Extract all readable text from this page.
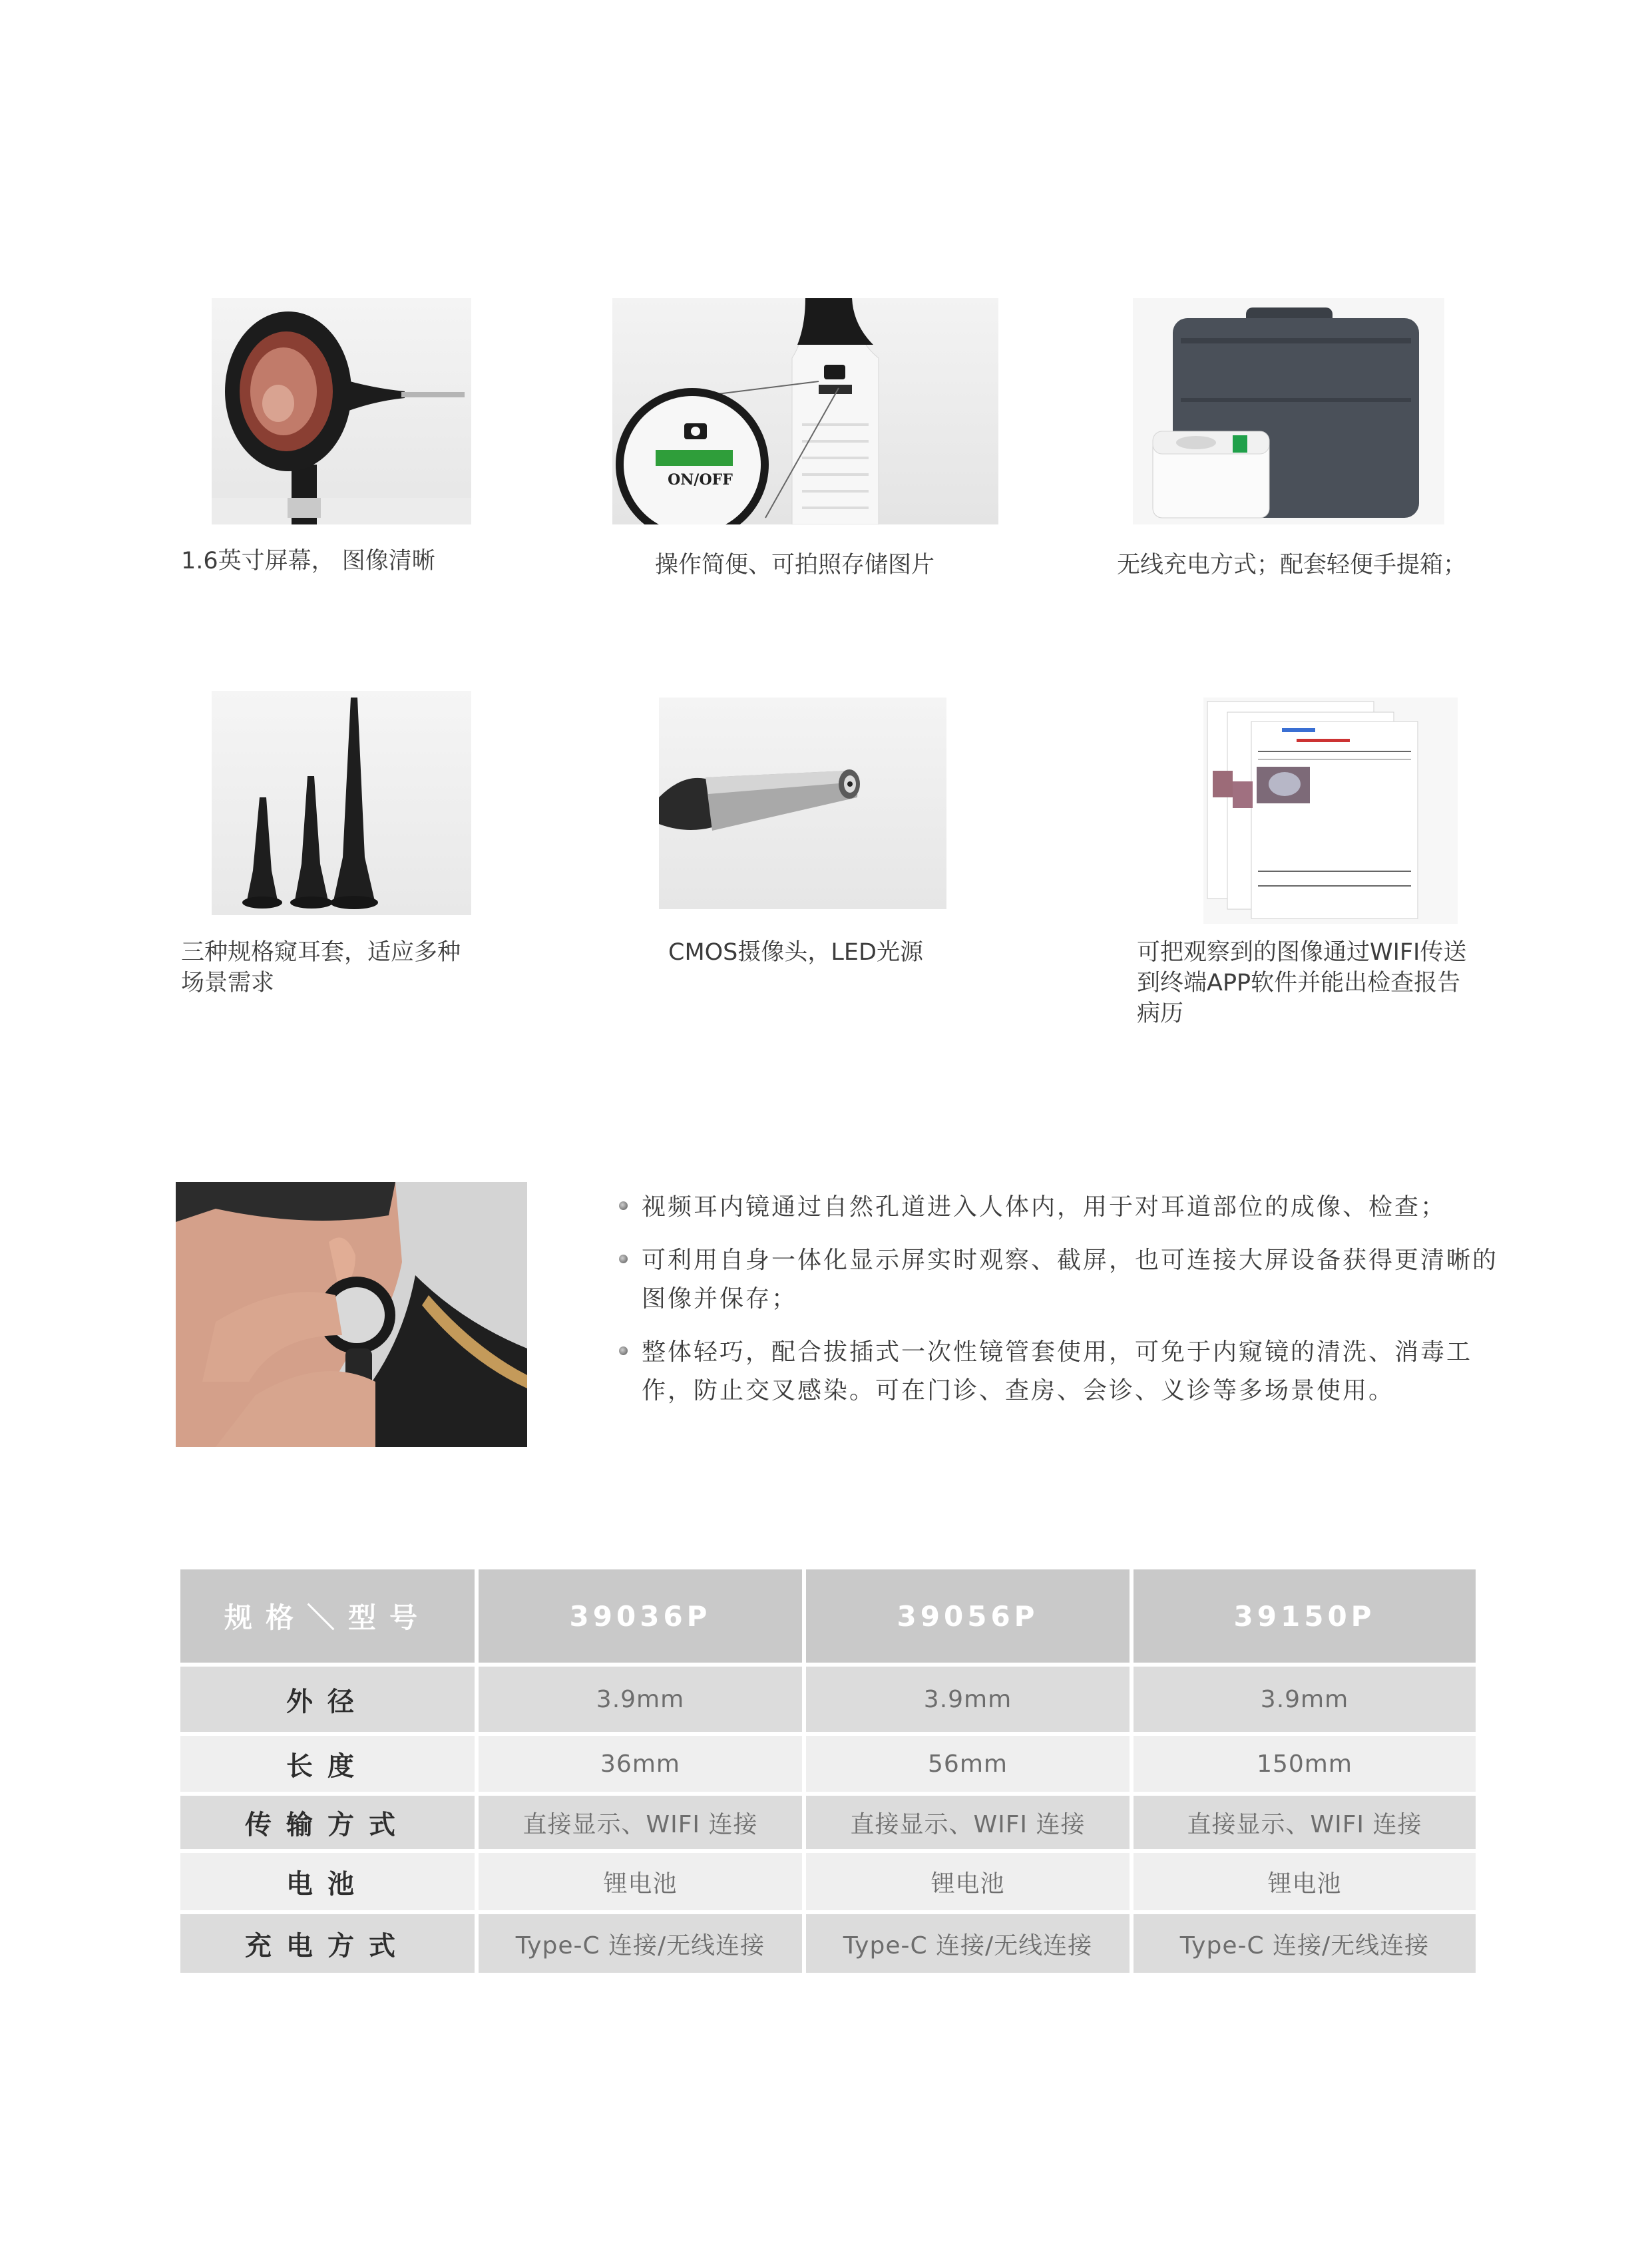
1.6英寸屏幕， 图像清晰
ON/OFF
操作简便、可拍照存储图片	无线充电方式；配套轻便手提箱；
三种规格窥耳套，适应多种
场景需求
CMOS摄像头，LED光源	可把观察到的图像通过WIFI传送
到终端APP软件并能出检查报告
病历
视频耳内镜通过自然孔道进入人体内，用于对耳道部位的成像、检查；
可利用自身一体化显示屏实时观察、截屏，也可连接大屏设备获得更清晰的图像并保存；
整体轻巧，配合拔插式一次性镜管套使用，可免于内窥镜的清洗、消毒工作，防止交叉感染。可在门诊、查房、会诊、义诊等多场景使用。
规格＼型号	39036P	39056P	39150P
外径	3.9mm	3.9mm	3.9mm
长度	36mm	56mm	150mm
传输方式	直接显示、WIFI 连接	直接显示、WIFI 连接	直接显示、WIFI 连接
电池	锂电池	锂电池	锂电池
充电方式	Type-C 连接/无线连接	Type-C 连接/无线连接	Type-C 连接/无线连接
